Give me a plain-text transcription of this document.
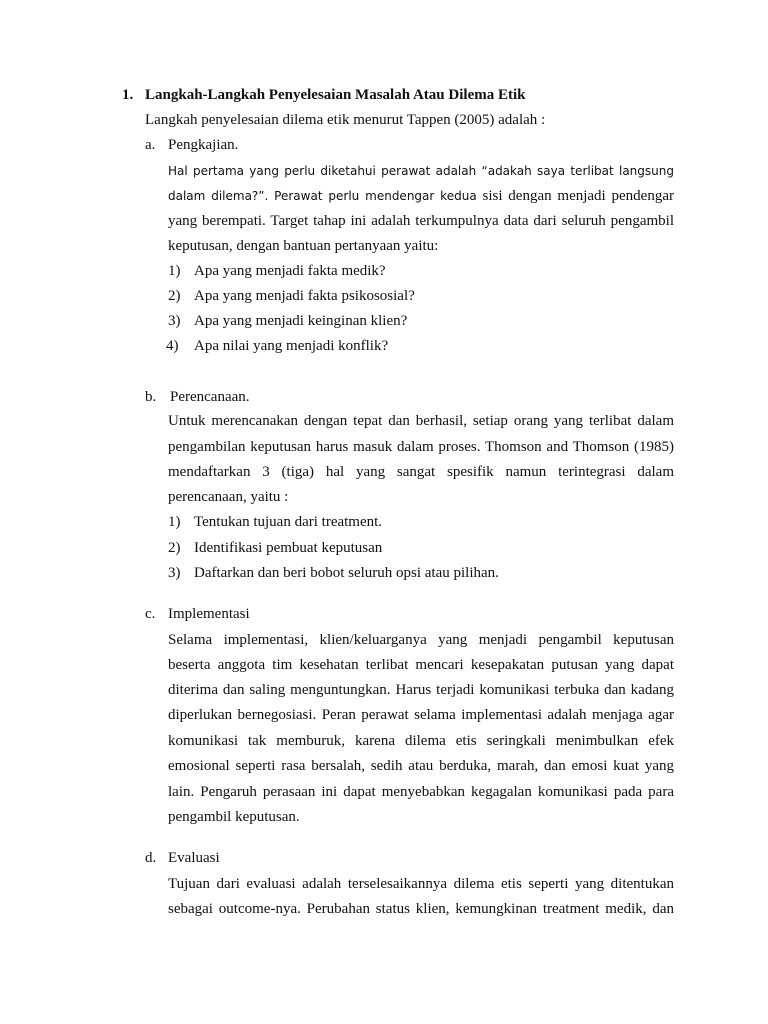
1. Langkah-Langkah Penyelesaian Masalah Atau Dilema Etik
Langkah penyelesaian dilema etik menurut Tappen (2005) adalah :
a. Pengkajian.
Hal pertama yang perlu diketahui perawat adalah “adakah saya terlibat langsung
dalam dilema?”. Perawat perlu mendengar kedua sisi dengan menjadi pendengar
yang berempati. Target tahap ini adalah terkumpulnya data dari seluruh pengambil
keputusan, dengan bantuan pertanyaan yaitu:
1) Apa yang menjadi fakta medik?
2) Apa yang menjadi fakta psikososial?
3) Apa yang menjadi keinginan klien?
4) Apa nilai yang menjadi konflik?
b. Perencanaan.
Untuk merencanakan dengan tepat dan berhasil, setiap orang yang terlibat dalam
pengambilan keputusan harus masuk dalam proses. Thomson and Thomson (1985)
mendaftarkan 3 (tiga) hal yang sangat spesifik namun terintegrasi dalam
perencanaan, yaitu :
1) Tentukan tujuan dari treatment.
2) Identifikasi pembuat keputusan
3) Daftarkan dan beri bobot seluruh opsi atau pilihan.
c. Implementasi
Selama implementasi, klien/keluarganya yang menjadi pengambil keputusan
beserta anggota tim kesehatan terlibat mencari kesepakatan putusan yang dapat
diterima dan saling menguntungkan. Harus terjadi komunikasi terbuka dan kadang
diperlukan bernegosiasi. Peran perawat selama implementasi adalah menjaga agar
komunikasi tak memburuk, karena dilema etis seringkali menimbulkan efek
emosional seperti rasa bersalah, sedih atau berduka, marah, dan emosi kuat yang
lain. Pengaruh perasaan ini dapat menyebabkan kegagalan komunikasi pada para
pengambil keputusan.
d. Evaluasi
Tujuan dari evaluasi adalah terselesaikannya dilema etis seperti yang ditentukan
sebagai outcome-nya. Perubahan status klien, kemungkinan treatment medik, dan
